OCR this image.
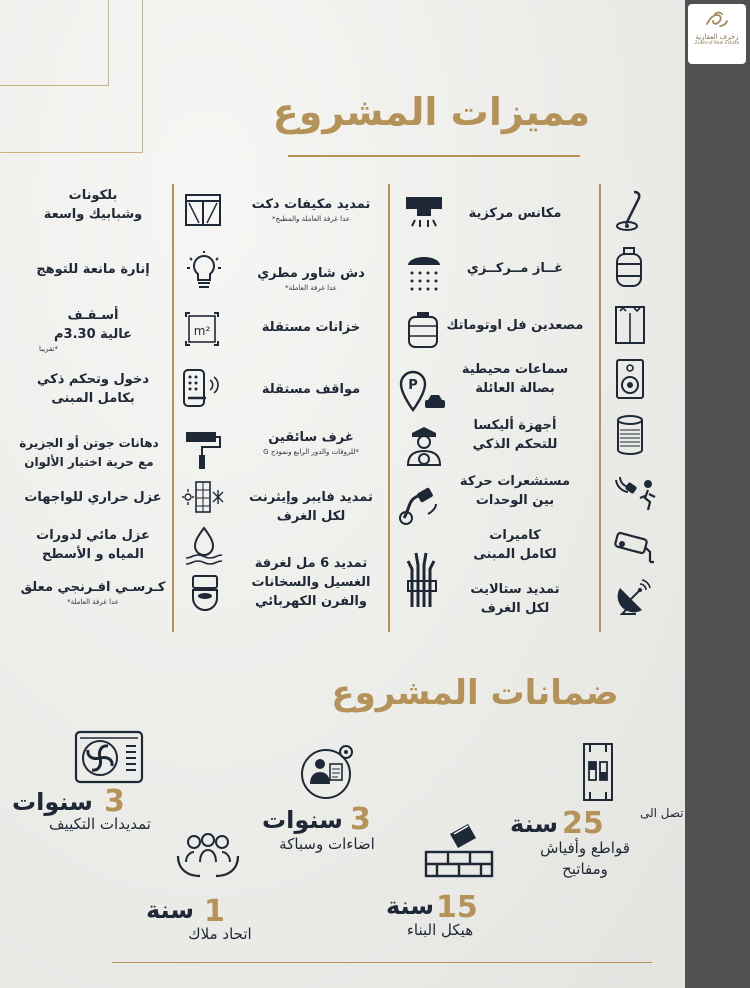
مميزات المشروع
مكانس مركزية
غــاز مــركــزي
مصعدين فل اوتوماتك
سماعات محيطية
بصالة العائلة
P
أجهزة أليكسا
للتحكم الذكي
مستشعرات حركة
بين الوحدات
كاميرات
لكامل المبنى
تمديد ستالايت
لكل الغرف
تمديد مكيفات دكت
عدا غرفة العاملة والمطبخ*
دش شاور مطري
عدا غرفة العاملة*
خزانات مستقلة
m²
مواقف مستقلة
غرف سائقين
*للروفات والدور الرابع ونموذج G
تمديد فايبر وإيثرنت
لكل الغرف
تمديد 6 مل لغرفة
الغسيل والسخانات
والفرن الكهربائي
بلكونات
وشبابيك واسعة
إنارة مانعة للتوهج
أسـقـف
عالية 3.30م
*تقريبا
دخول وتحكم ذكي
بكامل المبنى
دهانات جوتن أو الجزيرة
مع حرية اختيار الألوان
عزل حراري للواجهات
عزل مائي لدورات
المياه و الأسطح
كـرسـي افـرنجي معلق
عدا غرفة العاملة*
ضمانات المشروع
تصل الى
25
سنة
قواطع وأفياش
ومفاتيح
3
سنوات
اضاءات وسباكة
3
سنوات
تمديدات التكييف
15
سنة
هيكل البناء
1
سنة
اتحاد ملاك
زخرف العقارية
Zukhruf Real Estate
